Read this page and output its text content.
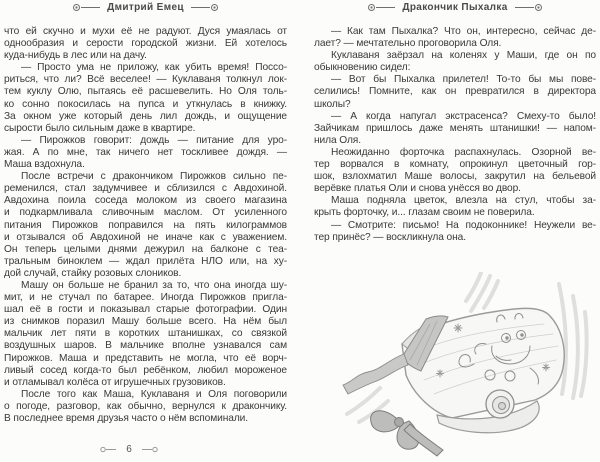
Дмитрий Емец
что ей скучно и мухи её не радуют. Дуся умаялась от
однообразия и серости городской жизни. Ей хотелось
куда-нибудь в лес или на дачу.
— Просто ума не приложу, как убить время! Поссо-
риться, что ли? Всё веселее! — Куклаваня толкнул лок-
тем куклу Олю, пытаясь её расшевелить. Но Оля толь-
ко сонно покосилась на пупса и уткнулась в книжку.
За окном уже который день лил дождь, и ощущение
сырости было сильным даже в квартире.
— Пирожков говорит: дождь — питание для уро-
жая. А по мне, так ничего нет тоскливее дождя. —
Маша вздохнула.
После встречи с дракончиком Пирожков сильно пе-
ременился, стал задумчивее и сблизился с Авдохиной.
Авдохина поила соседа молоком из своего магазина
и подкармливала сливочным маслом. От усиленного
питания Пирожков поправился на пять килограммов
и отзывался об Авдохиной не иначе как с уважением.
Он теперь целыми днями дежурил на балконе с теа-
тральным биноклем — ждал прилёта НЛО или, на ху-
дой случай, стайку розовых слоников.
Машу он больше не бранил за то, что она иногда шу-
мит, и не стучал по батарее. Иногда Пирожков пригла-
шал её в гости и показывал старые фотографии. Один
из снимков поразил Машу больше всего. На нём был
мальчик лет пяти в коротких штанишках, со связкой
воздушных шаров. В мальчике вполне узнавался сам
Пирожков. Маша и представить не могла, что её ворч-
ливый сосед когда-то был ребёнком, любил мороженое
и отламывал колёса от игрушечных грузовиков.
После того как Маша, Куклаваня и Оля поговорили
о погоде, разговор, как обычно, вернулся к дракончику.
В последнее время друзья часто о нём вспоминали.
6
Дракончик Пыхалка
— Как там Пыхалка? Что он, интересно, сейчас де-
лает? — мечтательно проговорила Оля.
Куклаваня заёрзал на коленях у Маши, где он по
обыкновению сидел:
— Вот бы Пыхалка прилетел! То-то бы мы пове-
селились! Помните, как он превратился в директора
школы?
— А когда напугал экстрасенса? Смеху-то было!
Зайчикам пришлось даже менять штанишки! — напом-
нила Оля.
Неожиданно форточка распахнулась. Озорной ве-
тер ворвался в комнату, опрокинул цветочный гор-
шок, взлохматил Маше волосы, закрутил на бельевой
верёвке платья Оли и снова унёсся во двор.
Маша подняла цветок, влезла на стул, чтобы за-
крыть форточку, и... глазам своим не поверила.
— Смотрите: письмо! На подоконнике! Неужели ве-
тер принёс? — воскликнула она.
